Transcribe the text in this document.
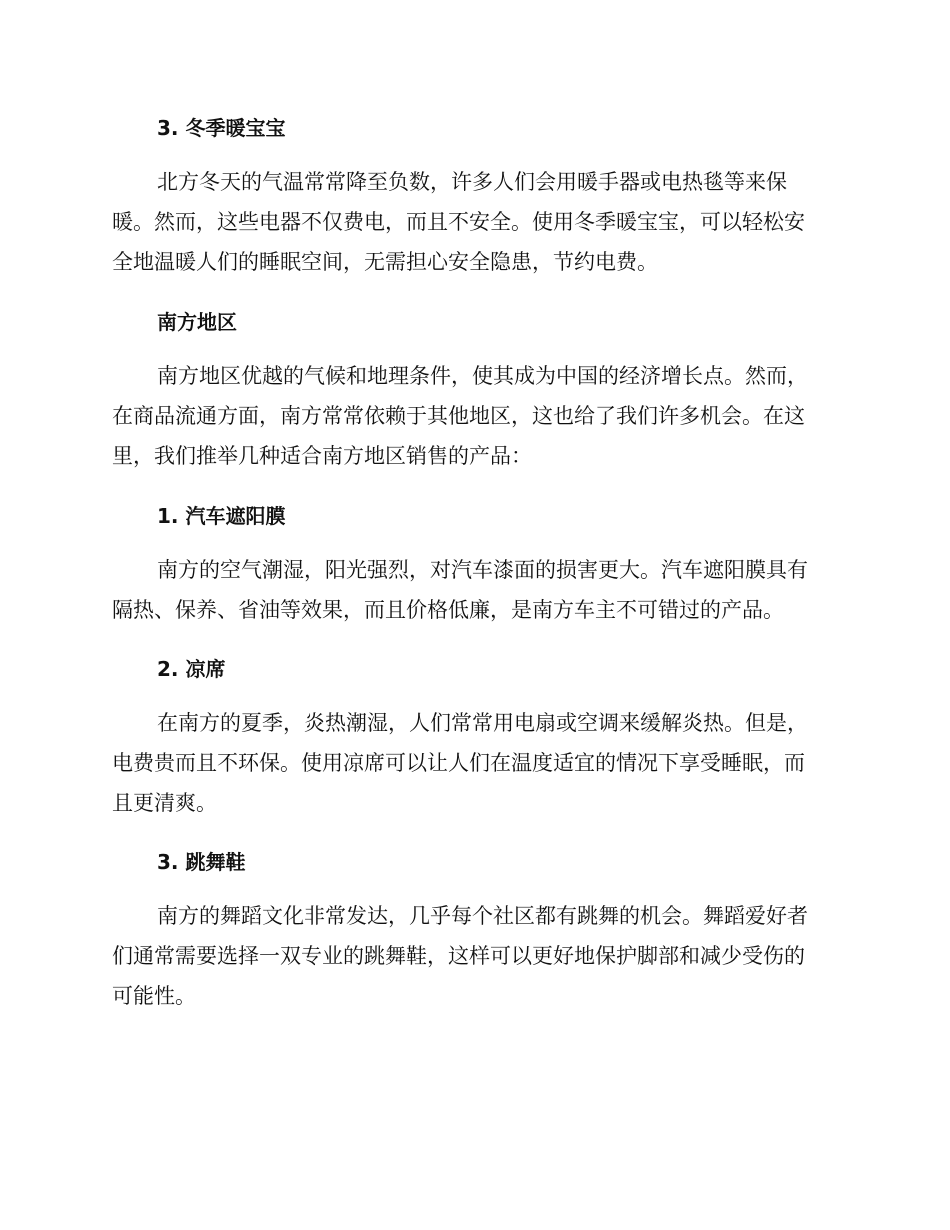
3. 冬季暖宝宝
北方冬天的气温常常降至负数，许多人们会用暖手器或电热毯等来保
暖。然而，这些电器不仅费电，而且不安全。使用冬季暖宝宝，可以轻松安
全地温暖人们的睡眠空间，无需担心安全隐患，节约电费。
南方地区
南方地区优越的气候和地理条件，使其成为中国的经济增长点。然而，
在商品流通方面，南方常常依赖于其他地区，这也给了我们许多机会。在这
里，我们推举几种适合南方地区销售的产品：
1. 汽车遮阳膜
南方的空气潮湿，阳光强烈，对汽车漆面的损害更大。汽车遮阳膜具有
隔热、保养、省油等效果，而且价格低廉，是南方车主不可错过的产品。
2. 凉席
在南方的夏季，炎热潮湿，人们常常用电扇或空调来缓解炎热。但是，
电费贵而且不环保。使用凉席可以让人们在温度适宜的情况下享受睡眠，而
且更清爽。
3. 跳舞鞋
南方的舞蹈文化非常发达，几乎每个社区都有跳舞的机会。舞蹈爱好者
们通常需要选择一双专业的跳舞鞋，这样可以更好地保护脚部和减少受伤的
可能性。
